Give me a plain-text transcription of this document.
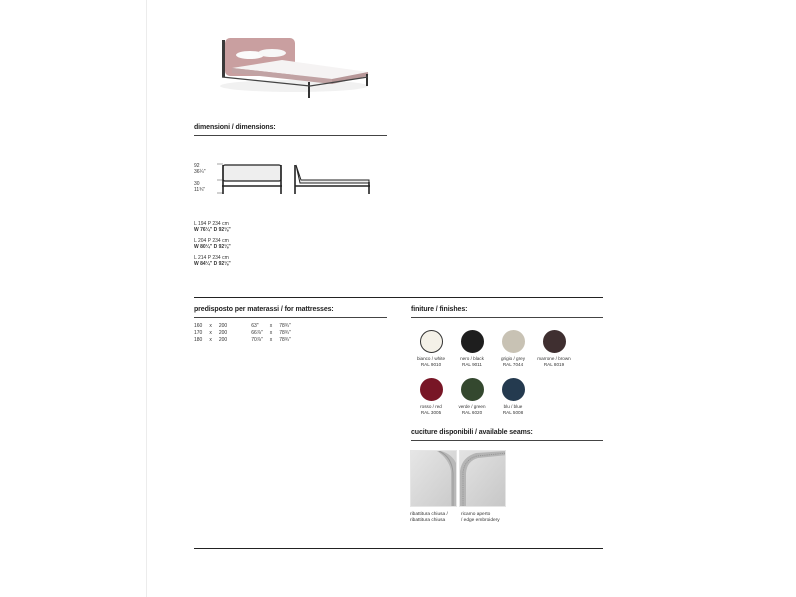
dimensioni / dimensions:
92
36¼"
30
11¾"
L 194 P 234 cm
W 76¼" D 92⅛"
L 204 P 234 cm
W 80¼" D 92⅛"
L 214 P 234 cm
W 84¼" D 92⅛"
predisposto per materassi / for mattresses:
160	x	200	63"	x	78¾"
170	x	200	66⅞"	x	78¾"
180	x	200	70⅞"	x	78¾"
finiture / finishes:
bianco / white
RAL 9010
nero / black
RAL 9011
grigio / grey
RAL 7044
marrone / brown
RAL 8019
rosso / red
RAL 3005
verde / green
RAL 6020
blu / blue
RAL 5008
cuciture disponibili / available seams:
ribattitura chiusa /
ribattitura chiusa
ricamo aperto
/ edge embroidery
